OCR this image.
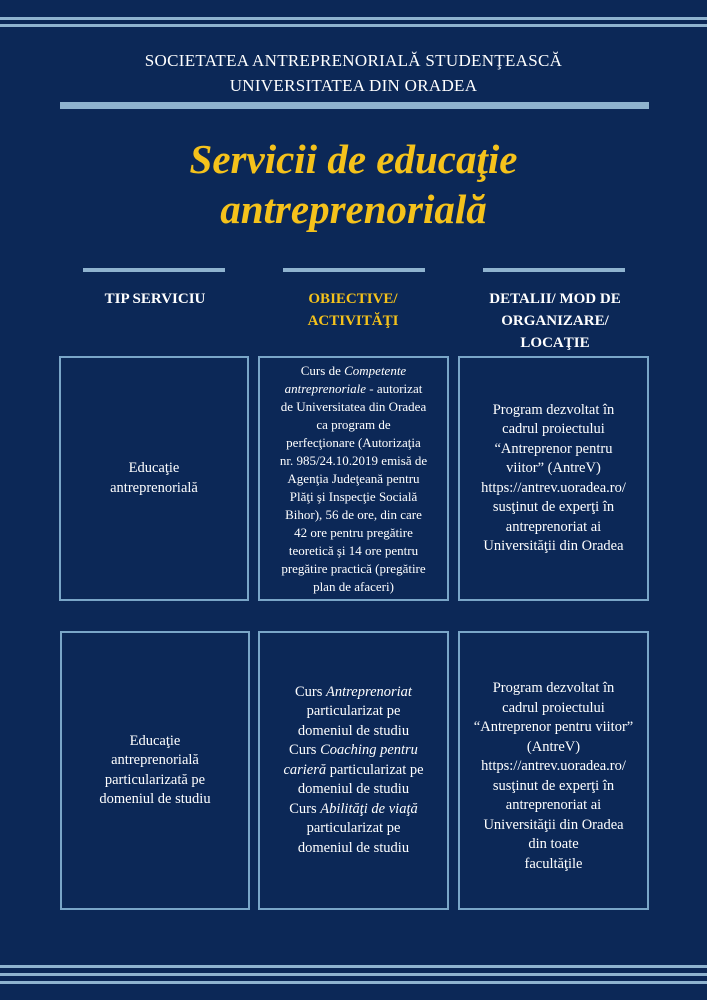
SOCIETATEA ANTREPRENORIALĂ STUDENŢEASCĂ
UNIVERSITATEA DIN ORADEA
Servicii de educaţie
antreprenorială
TIP SERVICIU	OBIECTIVE/
ACTIVITĂŢI
DETALII/ MOD DE
ORGANIZARE/
LOCAŢIE
Educaţie
antreprenorială
Curs de Competente
antreprenoriale - autorizat
de Universitatea din Oradea
ca program de
perfecţionare (Autorizaţia
nr. 985/24.10.2019 emisă de
Agenţia Judeţeană pentru
Plăţi şi Inspecţie Socială
Bihor), 56 de ore, din care
42 ore pentru pregătire
teoretică şi 14 ore pentru
pregătire practică (pregătire
plan de afaceri)
Program dezvoltat în
cadrul proiectului
“Antreprenor pentru
viitor” (AntreV)
https://antrev.uoradea.ro/
susţinut de experţi în
antreprenoriat ai
Universităţii din Oradea
Educaţie
antreprenorială
particularizată pe
domeniul de studiu
Curs Antreprenoriat
particularizat pe
domeniul de studiu
Curs Coaching pentru
carieră particularizat pe
domeniul de studiu
Curs Abilităţi de viaţă
particularizat pe
domeniul de studiu
Program dezvoltat în
cadrul proiectului
“Antreprenor pentru viitor”
(AntreV)
https://antrev.uoradea.ro/
susţinut de experţi în
antreprenoriat ai
Universităţii din Oradea
din toate
facultăţile
